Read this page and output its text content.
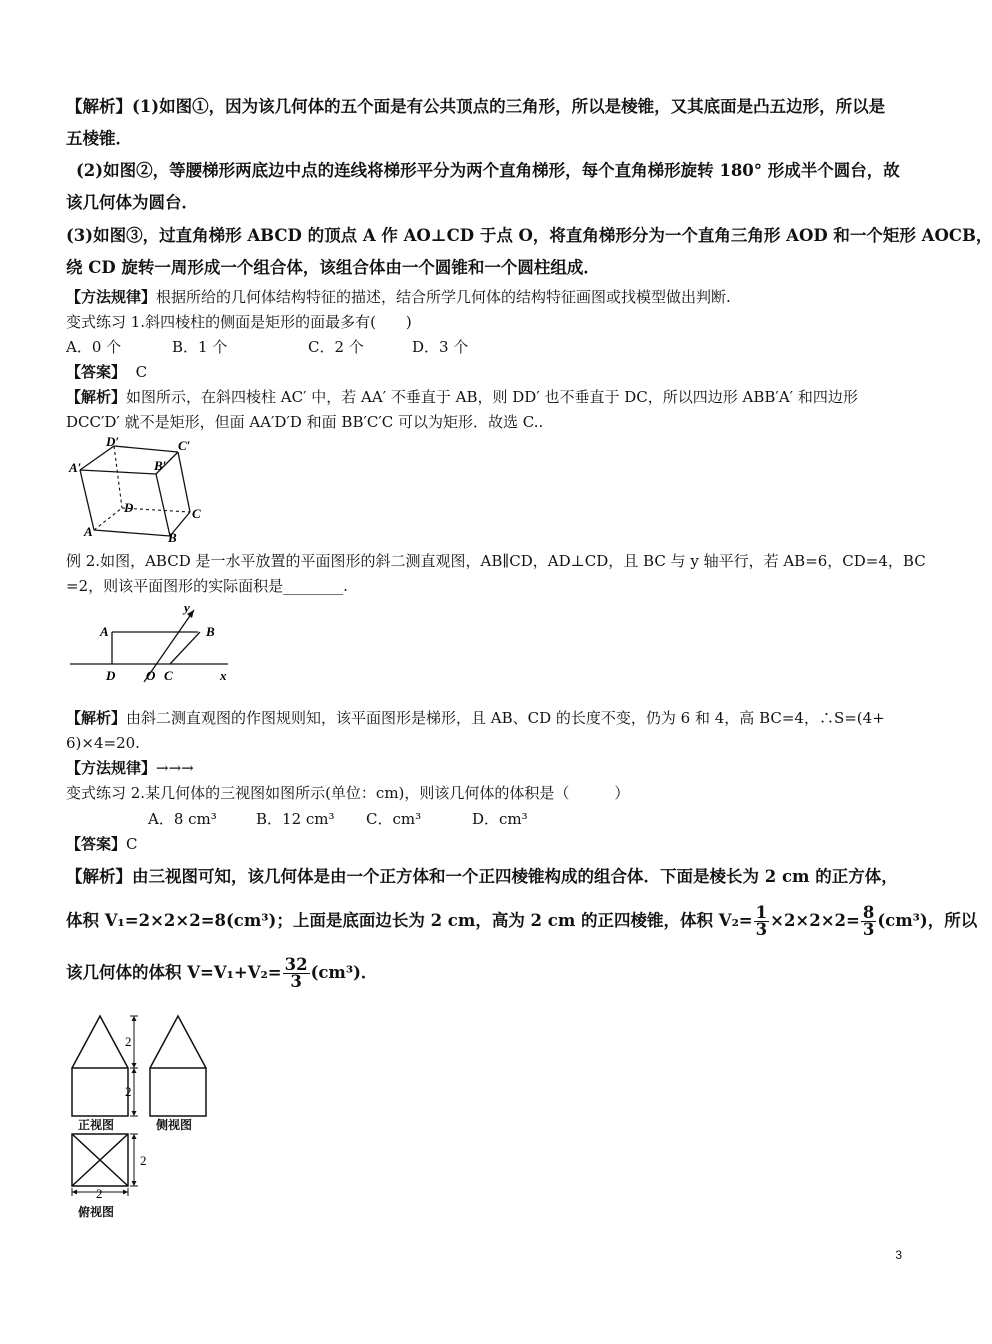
【解析】(1)如图①，因为该几何体的五个面是有公共顶点的三角形，所以是棱锥，又其底面是凸五边形，所以是
五棱锥．
(2)如图②，等腰梯形两底边中点的连线将梯形平分为两个直角梯形，每个直角梯形旋转 180° 形成半个圆台，故
该几何体为圆台．
(3)如图③，过直角梯形 ABCD 的顶点 A 作 AO⊥CD 于点 O，将直角梯形分为一个直角三角形 AOD 和一个矩形 AOCB，
绕 CD 旋转一周形成一个组合体，该组合体由一个圆锥和一个圆柱组成．
【方法规律】根据所给的几何体结构特征的描述，结合所学几何体的结构特征画图或找模型做出判断.
变式练习 1.斜四棱柱的侧面是矩形的面最多有(　　)
A．0 个	B．1 个	C．2 个	D．3 个
【答案】 C
【解析】如图所示，在斜四棱柱 AC′ 中，若 AA′ 不垂直于 AB，则 DD′ 也不垂直于 DC，所以四边形 ABB′A′ 和四边形
DCC′D′ 就不是矩形，但面 AA′D′D 和面 BB′C′C 可以为矩形．故选 C..
D′	C′
A′	B′
D	C
A	B
例 2.如图，ABCD 是一水平放置的平面图形的斜二测直观图，AB∥CD，AD⊥CD，且 BC 与 y 轴平行，若 AB=6，CD=4，BC
=2，则该平面图形的实际面积是________.
A	B
D O C	x
y
【解析】由斜二测直观图的作图规则知，该平面图形是梯形，且 AB、CD 的长度不变，仍为 6 和 4，高 BC=4，∴S=(4+
6)×4=20.
【方法规律】→→→
变式练习 2.某几何体的三视图如图所示(单位：cm)，则该几何体的体积是（　　　）
A．8 cm³	B．12 cm³ C．cm³	D．cm³
【答案】C
【解析】由三视图可知，该几何体是由一个正方体和一个正四棱锥构成的组合体．下面是棱长为 2 cm 的正方体，
体积 V₁=2×2×2=8(cm³)；上面是底面边长为 2 cm，高为 2 cm 的正四棱锥，体积 $V_2= \frac{1}{3} \times 2\times 2\times 2= \frac{8}{3} (cm^3)$，所以
该几何体的体积 $V=V_1+V_2= \frac{32}{3} (cm^3)$．
2
2
2
2
正视图	侧视图
俯视图
3
